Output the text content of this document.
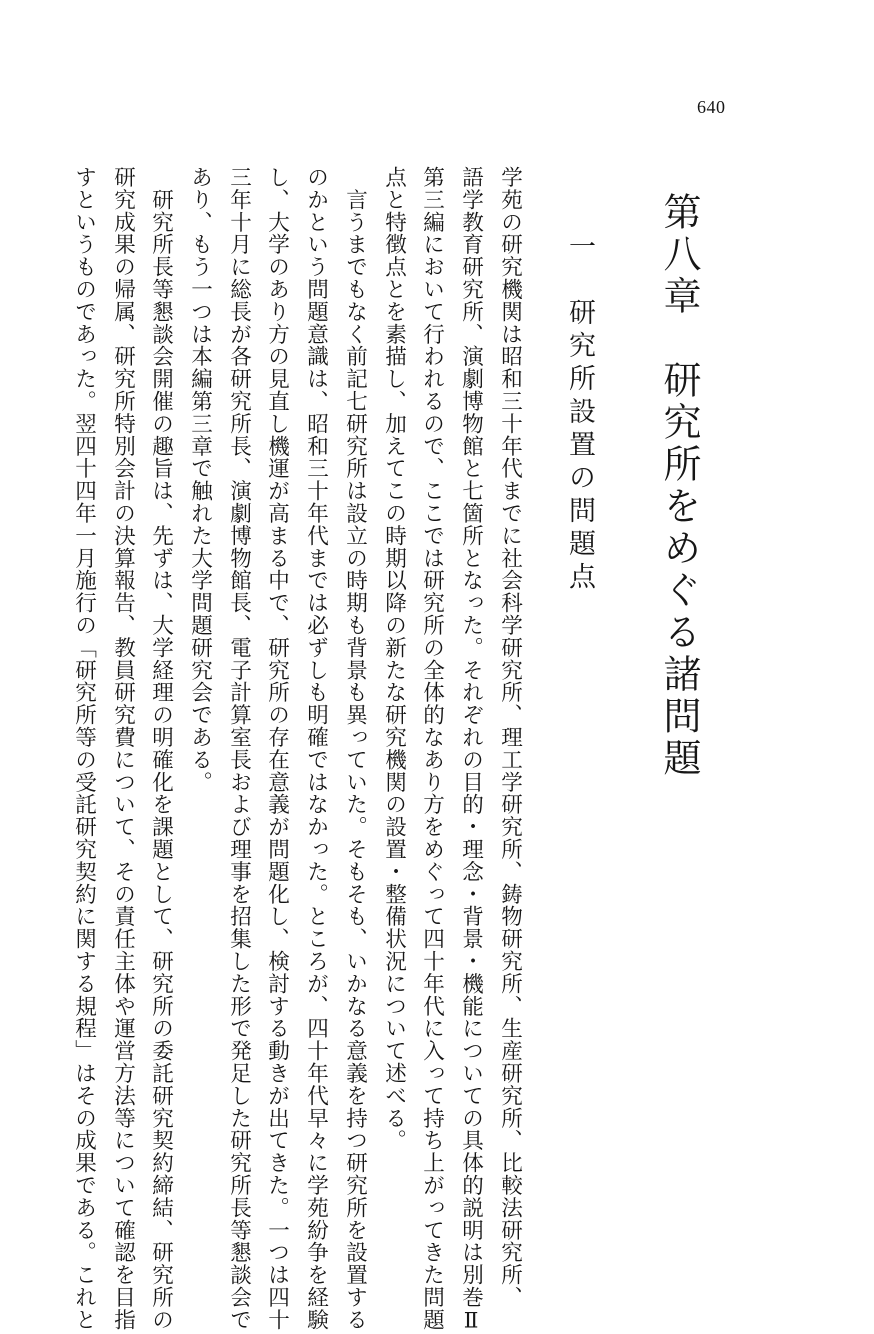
640
第八章　研究所をめぐる諸問題
一　研究所設置の問題点
学苑の研究機関は昭和三十年代までに社会科学研究所、理工学研究所、鋳物研究所、生産研究所、比較法研究所、
語学教育研究所、演劇博物館と七箇所となった。それぞれの目的・理念・背景・機能についての具体的説明は別巻Ⅱ
第三編において行われるので、ここでは研究所の全体的なあり方をめぐって四十年代に入って持ち上がってきた問題
点と特徴点とを素描し、加えてこの時期以降の新たな研究機関の設置・整備状況について述べる。
　言うまでもなく前記七研究所は設立の時期も背景も異っていた。そもそも、いかなる意義を持つ研究所を設置する
のかという問題意識は、昭和三十年代までは必ずしも明確ではなかった。ところが、四十年代早々に学苑紛争を経験
し、大学のあり方の見直し機運が高まる中で、研究所の存在意義が問題化し、検討する動きが出てきた。一つは四十
三年十月に総長が各研究所長、演劇博物館長、電子計算室長および理事を招集した形で発足した研究所長等懇談会で
あり、もう一つは本編第三章で触れた大学問題研究会である。
　研究所長等懇談会開催の趣旨は、先ずは、大学経理の明確化を課題として、研究所の委託研究契約締結、研究所の
研究成果の帰属、研究所特別会計の決算報告、教員研究費について、その責任主体や運営方法等について確認を目指
すというものであった。翌四十四年一月施行の「研究所等の受託研究契約に関する規程」はその成果である。これと
